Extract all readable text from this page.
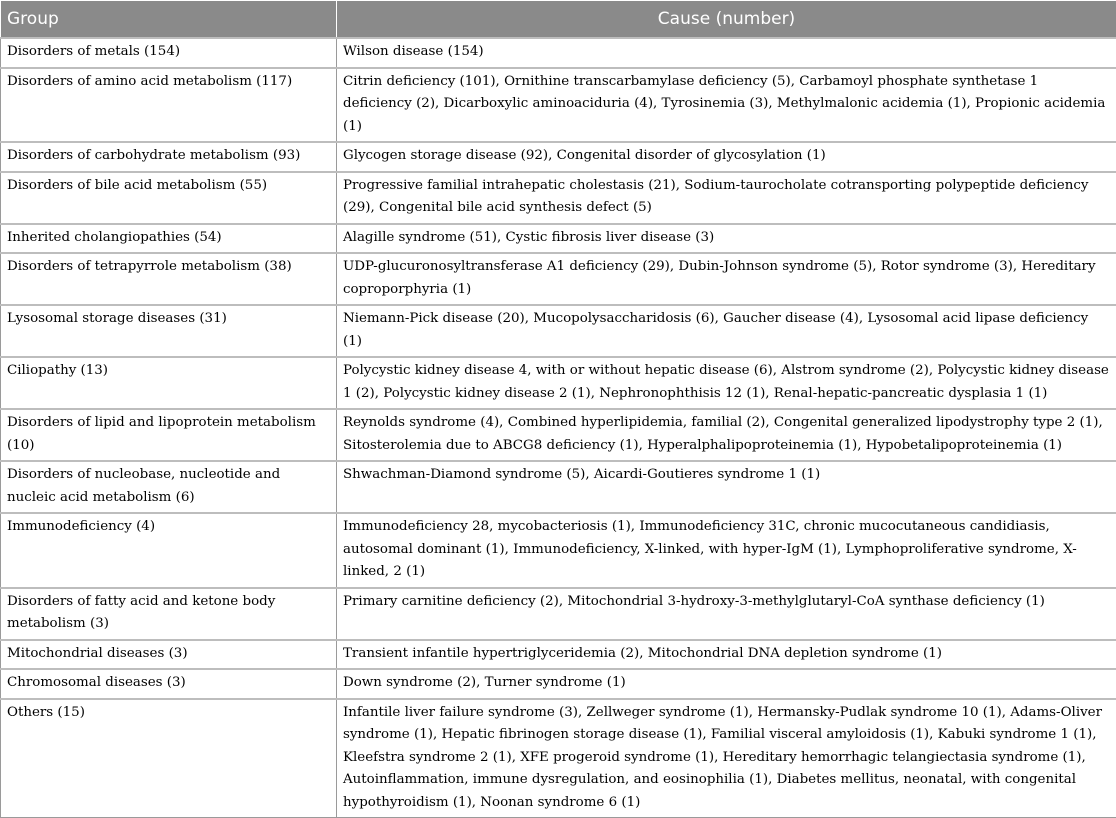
Group	Cause (number)
Disorders of metals (154)	Wilson disease (154)
Disorders of amino acid metabolism (117)	Citrin deficiency (101), Ornithine transcarbamylase deficiency (5), Carbamoyl phosphate synthetase 1 deficiency (2), Dicarboxylic aminoaciduria (4), Tyrosinemia (3), Methylmalonic acidemia (1), Propionic acidemia (1)
Disorders of carbohydrate metabolism (93)	Glycogen storage disease (92), Congenital disorder of glycosylation (1)
Disorders of bile acid metabolism (55)	Progressive familial intrahepatic cholestasis (21), Sodium-taurocholate cotransporting polypeptide deficiency (29), Congenital bile acid synthesis defect (5)
Inherited cholangiopathies (54)	Alagille syndrome (51), Cystic fibrosis liver disease (3)
Disorders of tetrapyrrole metabolism (38)	UDP-glucuronosyltransferase A1 deficiency (29), Dubin-Johnson syndrome (5), Rotor syndrome (3), Hereditary coproporphyria (1)
Lysosomal storage diseases (31)	Niemann-Pick disease (20), Mucopolysaccharidosis (6), Gaucher disease (4), Lysosomal acid lipase deficiency (1)
Ciliopathy (13)	Polycystic kidney disease 4, with or without hepatic disease (6), Alstrom syndrome (2), Polycystic kidney disease 1 (2), Polycystic kidney disease 2 (1), Nephronophthisis 12 (1), Renal-hepatic-pancreatic dysplasia 1 (1)
Disorders of lipid and lipoprotein metabolism (10)	Reynolds syndrome (4), Combined hyperlipidemia, familial (2), Congenital generalized lipodystrophy type 2 (1), Sitosterolemia due to ABCG8 deficiency (1), Hyperalphalipoproteinemia (1), Hypobetalipoproteinemia (1)
Disorders of nucleobase, nucleotide and nucleic acid metabolism (6)	Shwachman-Diamond syndrome (5), Aicardi-Goutieres syndrome 1 (1)
Immunodeficiency (4)	Immunodeficiency 28, mycobacteriosis (1), Immunodeficiency 31C, chronic mucocutaneous candidiasis, autosomal dominant (1), Immunodeficiency, X-linked, with hyper-IgM (1), Lymphoproliferative syndrome, X-linked, 2 (1)
Disorders of fatty acid and ketone body metabolism (3)	Primary carnitine deficiency (2), Mitochondrial 3-hydroxy-3-methylglutaryl-CoA synthase deficiency (1)
Mitochondrial diseases (3)	Transient infantile hypertriglyceridemia (2), Mitochondrial DNA depletion syndrome (1)
Chromosomal diseases (3)	Down syndrome (2), Turner syndrome (1)
Others (15)	Infantile liver failure syndrome (3), Zellweger syndrome (1), Hermansky-Pudlak syndrome 10 (1), Adams-Oliver syndrome (1), Hepatic fibrinogen storage disease (1), Familial visceral amyloidosis (1), Kabuki syndrome 1 (1), Kleefstra syndrome 2 (1), XFE progeroid syndrome (1), Hereditary hemorrhagic telangiectasia syndrome (1), Autoinflammation, immune dysregulation, and eosinophilia (1), Diabetes mellitus, neonatal, with congenital hypothyroidism (1), Noonan syndrome 6 (1)
